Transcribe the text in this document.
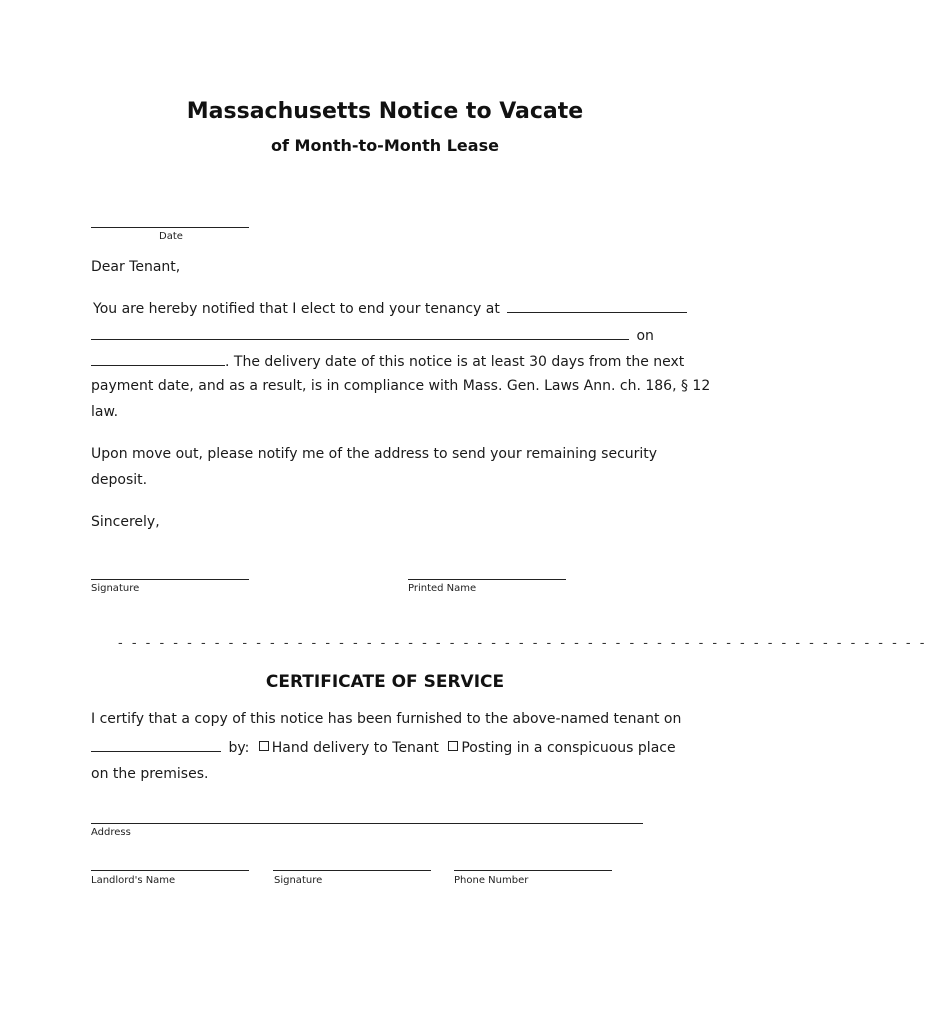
Massachusetts Notice to Vacate
of Month-to-Month Lease
Date
Dear Tenant,
You are hereby notified that I elect to end your tenancy at
on
. The delivery date of this notice is at least 30 days from the next
payment date, and as a result, is in compliance with Mass. Gen. Laws Ann. ch. 186, § 12
law.
Upon move out, please notify me of the address to send your remaining security
deposit.
Sincerely,
Signature	Printed Name
- - - - - - - - - - - - - - - - - - - - - - - - - - - - - - - - - - - - - - - - - - - - - - - - - - - - - - - - - - -
CERTIFICATE OF SERVICE
I certify that a copy of this notice has been furnished to the above-named tenant on
by: Hand delivery to Tenant Posting in a conspicuous place
on the premises.
Address
Landlord's Name	Signature	Phone Number
